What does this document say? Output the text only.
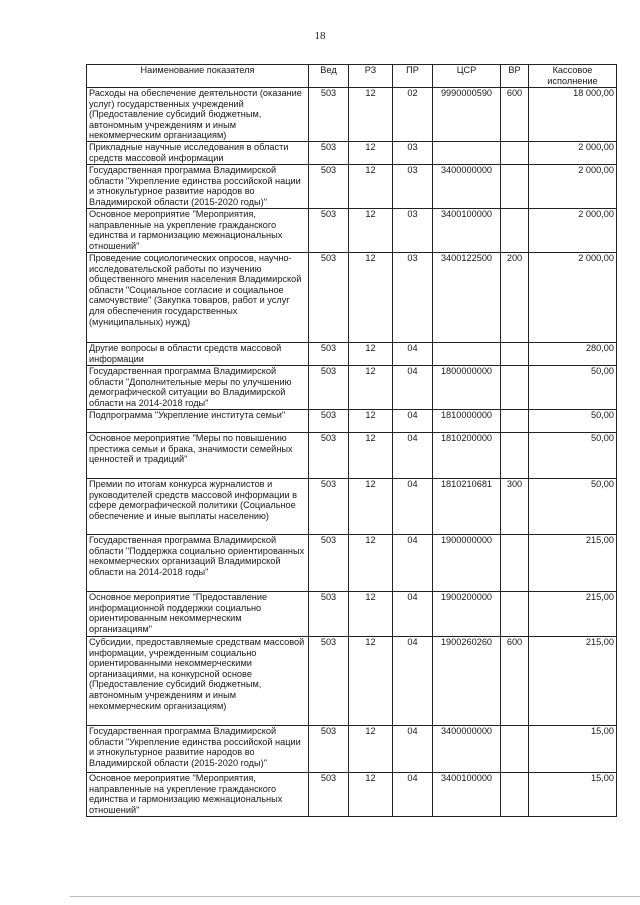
18
Наименование показателя	Вед	РЗ	ПР	ЦСР	ВР	Кассовое исполнение
Расходы на обеспечение деятельности (оказание услуг) государственных учреждений (Предоставление субсидий бюджетным, автономным учреждениям и иным некоммерческим организациям)	503	12	02	9990000590	600	18 000,00
Прикладные научные исследования в области средств массовой информации	503	12	03			2 000,00
Государственная программа Владимирской области "Укрепление единства российской нации и этнокультурное развитие народов во Владимирской области (2015-2020 годы)"	503	12	03	3400000000		2 000,00
Основное мероприятие "Мероприятия, направленные на укрепление гражданского единства и гармонизацию межнациональных отношений"	503	12	03	3400100000		2 000,00
Проведение социологических опросов, научно-исследовательской работы по изучению общественного мнения населения Владимирской области "Социальное согласие и социальное самочувствие" (Закупка товаров, работ и услуг для обеспечения государственных (муниципальных) нужд)	503	12	03	3400122500	200	2 000,00
Другие вопросы в области средств массовой информации	503	12	04			280,00
Государственная программа Владимирской области "Дополнительные меры по улучшению демографической ситуации во Владимирской области на 2014-2018 годы"	503	12	04	1800000000		50,00
Подпрограмма "Укрепление института семьи"	503	12	04	1810000000		50,00
Основное мероприятие "Меры по повышению престижа семьи и брака, значимости семейных ценностей и традиций"	503	12	04	1810200000		50,00
Премии по итогам конкурса журналистов и руководителей средств массовой информации в сфере демографической политики (Социальное обеспечение и иные выплаты населению)	503	12	04	1810210681	300	50,00
Государственная программа Владимирской области "Поддержка социально ориентированных некоммерческих организаций Владимирской области на 2014-2018 годы"	503	12	04	1900000000		215,00
Основное мероприятие "Предоставление информационной поддержки социально ориентированным некоммерческим организациям"	503	12	04	1900200000		215,00
Субсидии, предоставляемые средствам массовой информации, учрежденным социально ориентированными некоммерческими организациями, на конкурсной основе (Предоставление субсидий бюджетным, автономным учреждениям и иным некоммерческим организациям)	503	12	04	1900260260	600	215,00
Государственная программа Владимирской области "Укрепление единства российской нации и этнокультурное развитие народов во Владимирской области (2015-2020 годы)"	503	12	04	3400000000		15,00
Основное мероприятие "Мероприятия, направленные на укрепление гражданского единства и гармонизацию межнациональных отношений"	503	12	04	3400100000		15,00
